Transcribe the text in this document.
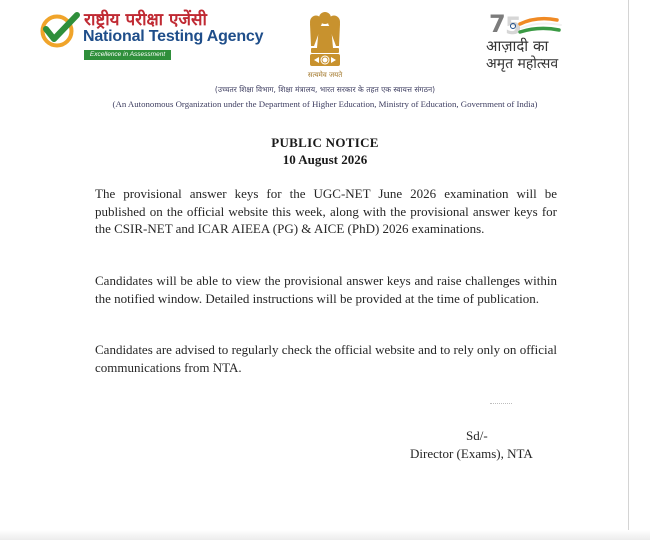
राष्ट्रीय परीक्षा एजेंसी
National Testing Agency
Excellence in Assessment
सत्यमेव जयते
7 5
आज़ादी का
अमृत महोत्सव
(उच्चतर शिक्षा विभाग, शिक्षा मंत्रालय, भारत सरकार के तहत एक स्वायत्त संगठन)
(An Autonomous Organization under the Department of Higher Education, Ministry of Education, Government of India)
PUBLIC NOTICE
10 August 2026

The provisional answer keys for the UGC-NET June 2026 examination will be published on the official website this week, along with the provisional answer keys for the CSIR-NET and ICAR AIEEA (PG) & AICE (PhD) 2026 examinations.

Candidates will be able to view the provisional answer keys and raise challenges within the notified window. Detailed instructions will be provided at the time of publication.

Candidates are advised to regularly check the official website and to rely only on official communications from NTA.

Sd/-
Director (Exams), NTA
